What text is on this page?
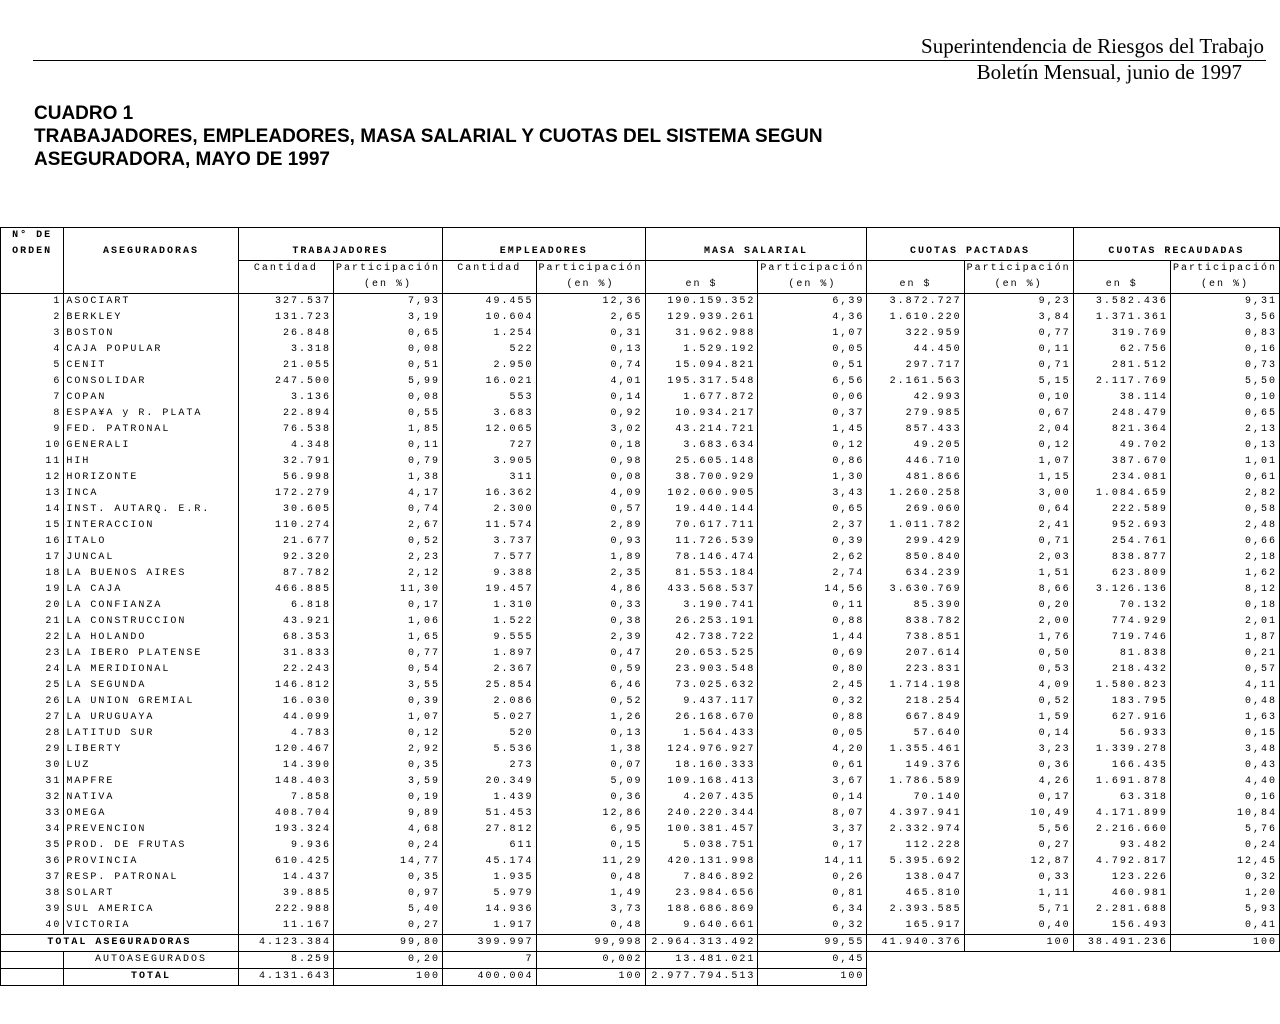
Superintendencia de Riesgos del Trabajo
Boletín Mensual, junio de 1997
CUADRO 1
TRABAJADORES, EMPLEADORES, MASA SALARIAL Y CUOTAS DEL SISTEMA SEGUN
ASEGURADORA, MAYO DE 1997
N° DE											
ORDEN	ASEGURADORAS	TRABAJADORES		EMPLEADORES		MASA SALARIAL		CUOTAS PACTADAS		CUOTAS RECAUDADAS	
		Cantidad	Participación	Cantidad	Participación		Participación		Participación		Participación
			(en %)		(en %)	en $	(en %)	en $	(en %)	en $	(en %)
1	ASOCIART	327.537	7,93	49.455	12,36	190.159.352	6,39	3.872.727	9,23	3.582.436	9,31
2	BERKLEY	131.723	3,19	10.604	2,65	129.939.261	4,36	1.610.220	3,84	1.371.361	3,56
3	BOSTON	26.848	0,65	1.254	0,31	31.962.988	1,07	322.959	0,77	319.769	0,83
4	CAJA POPULAR	3.318	0,08	522	0,13	1.529.192	0,05	44.450	0,11	62.756	0,16
5	CENIT	21.055	0,51	2.950	0,74	15.094.821	0,51	297.717	0,71	281.512	0,73
6	CONSOLIDAR	247.500	5,99	16.021	4,01	195.317.548	6,56	2.161.563	5,15	2.117.769	5,50
7	COPAN	3.136	0,08	553	0,14	1.677.872	0,06	42.993	0,10	38.114	0,10
8	ESPA¥A y R. PLATA	22.894	0,55	3.683	0,92	10.934.217	0,37	279.985	0,67	248.479	0,65
9	FED. PATRONAL	76.538	1,85	12.065	3,02	43.214.721	1,45	857.433	2,04	821.364	2,13
10	GENERALI	4.348	0,11	727	0,18	3.683.634	0,12	49.205	0,12	49.702	0,13
11	HIH	32.791	0,79	3.905	0,98	25.605.148	0,86	446.710	1,07	387.670	1,01
12	HORIZONTE	56.998	1,38	311	0,08	38.700.929	1,30	481.866	1,15	234.081	0,61
13	INCA	172.279	4,17	16.362	4,09	102.060.905	3,43	1.260.258	3,00	1.084.659	2,82
14	INST. AUTARQ. E.R.	30.605	0,74	2.300	0,57	19.440.144	0,65	269.060	0,64	222.589	0,58
15	INTERACCION	110.274	2,67	11.574	2,89	70.617.711	2,37	1.011.782	2,41	952.693	2,48
16	ITALO	21.677	0,52	3.737	0,93	11.726.539	0,39	299.429	0,71	254.761	0,66
17	JUNCAL	92.320	2,23	7.577	1,89	78.146.474	2,62	850.840	2,03	838.877	2,18
18	LA BUENOS AIRES	87.782	2,12	9.388	2,35	81.553.184	2,74	634.239	1,51	623.809	1,62
19	LA CAJA	466.885	11,30	19.457	4,86	433.568.537	14,56	3.630.769	8,66	3.126.136	8,12
20	LA CONFIANZA	6.818	0,17	1.310	0,33	3.190.741	0,11	85.390	0,20	70.132	0,18
21	LA CONSTRUCCION	43.921	1,06	1.522	0,38	26.253.191	0,88	838.782	2,00	774.929	2,01
22	LA HOLANDO	68.353	1,65	9.555	2,39	42.738.722	1,44	738.851	1,76	719.746	1,87
23	LA IBERO PLATENSE	31.833	0,77	1.897	0,47	20.653.525	0,69	207.614	0,50	81.838	0,21
24	LA MERIDIONAL	22.243	0,54	2.367	0,59	23.903.548	0,80	223.831	0,53	218.432	0,57
25	LA SEGUNDA	146.812	3,55	25.854	6,46	73.025.632	2,45	1.714.198	4,09	1.580.823	4,11
26	LA UNION GREMIAL	16.030	0,39	2.086	0,52	9.437.117	0,32	218.254	0,52	183.795	0,48
27	LA URUGUAYA	44.099	1,07	5.027	1,26	26.168.670	0,88	667.849	1,59	627.916	1,63
28	LATITUD SUR	4.783	0,12	520	0,13	1.564.433	0,05	57.640	0,14	56.933	0,15
29	LIBERTY	120.467	2,92	5.536	1,38	124.976.927	4,20	1.355.461	3,23	1.339.278	3,48
30	LUZ	14.390	0,35	273	0,07	18.160.333	0,61	149.376	0,36	166.435	0,43
31	MAPFRE	148.403	3,59	20.349	5,09	109.168.413	3,67	1.786.589	4,26	1.691.878	4,40
32	NATIVA	7.858	0,19	1.439	0,36	4.207.435	0,14	70.140	0,17	63.318	0,16
33	OMEGA	408.704	9,89	51.453	12,86	240.220.344	8,07	4.397.941	10,49	4.171.899	10,84
34	PREVENCION	193.324	4,68	27.812	6,95	100.381.457	3,37	2.332.974	5,56	2.216.660	5,76
35	PROD. DE FRUTAS	9.936	0,24	611	0,15	5.038.751	0,17	112.228	0,27	93.482	0,24
36	PROVINCIA	610.425	14,77	45.174	11,29	420.131.998	14,11	5.395.692	12,87	4.792.817	12,45
37	RESP. PATRONAL	14.437	0,35	1.935	0,48	7.846.892	0,26	138.047	0,33	123.226	0,32
38	SOLART	39.885	0,97	5.979	1,49	23.984.656	0,81	465.810	1,11	460.981	1,20
39	SUL AMERICA	222.988	5,40	14.936	3,73	188.686.869	6,34	2.393.585	5,71	2.281.688	5,93
40	VICTORIA	11.167	0,27	1.917	0,48	9.640.661	0,32	165.917	0,40	156.493	0,41
TOTAL ASEGURADORAS		4.123.384	99,80	399.997	99,998	2.964.313.492	99,55	41.940.376	100	38.491.236	100
	AUTOASEGURADOS	8.259	0,20	7	0,002	13.481.021	0,45				
	TOTAL	4.131.643	100	400.004	100	2.977.794.513	100				
